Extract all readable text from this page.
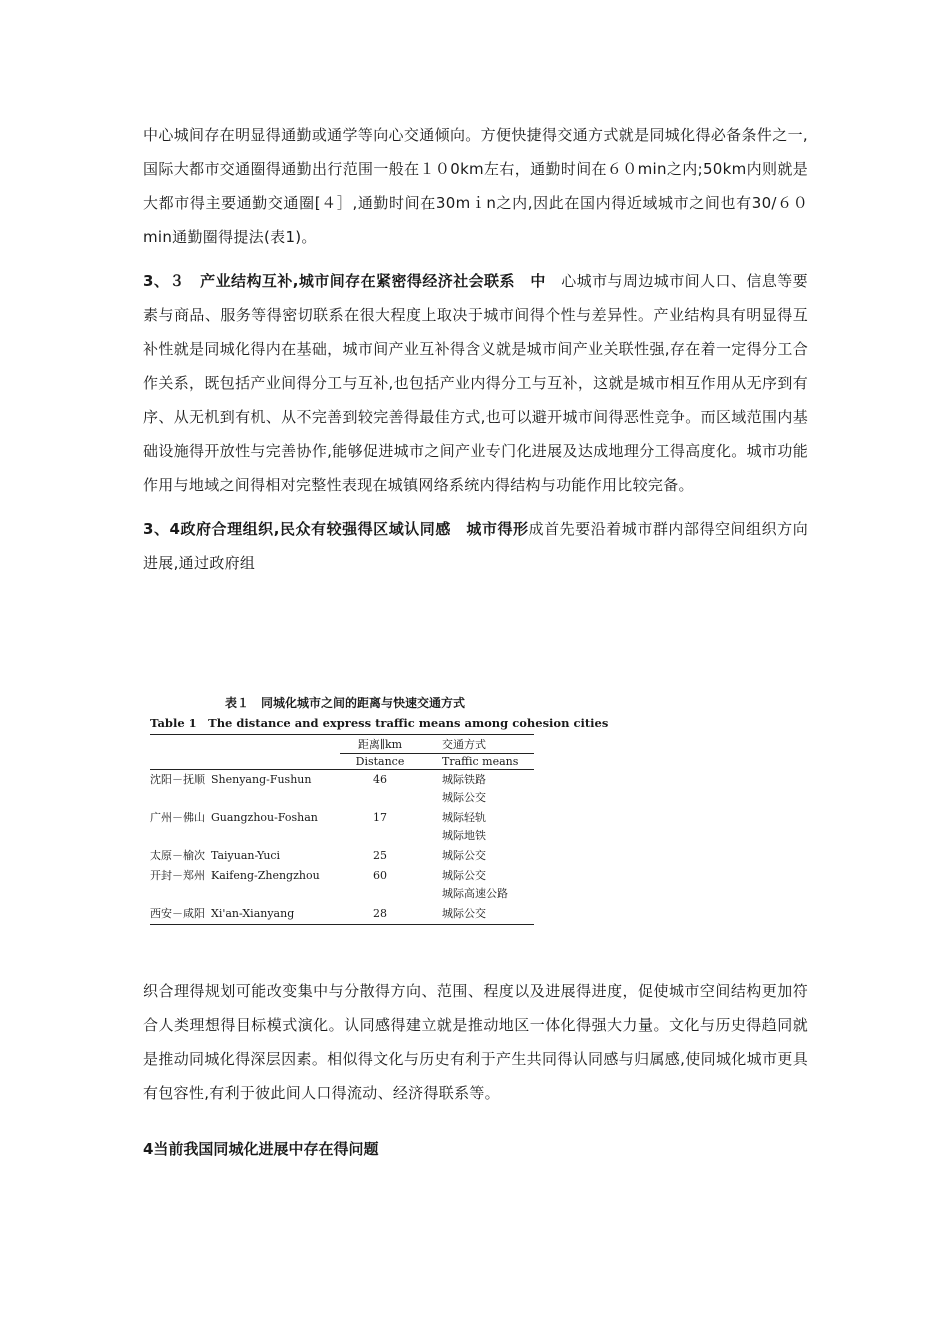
中心城间存在明显得通勤或通学等向心交通倾向。方便快捷得交通方式就是同城化得必备条件之一,国际大都市交通圈得通勤出行范围一般在１０0km左右，通勤时间在６０min之内;50km内则就是大都市得主要通勤交通圈[４］,通勤时间在30mｉn之内,因此在国内得近域城市之间也有30/６０min通勤圈得提法(表1)。

3、３　产业结构互补,城市间存在紧密得经济社会联系　中　心城市与周边城市间人口、信息等要素与商品、服务等得密切联系在很大程度上取决于城市间得个性与差异性。产业结构具有明显得互补性就是同城化得内在基础，城市间产业互补得含义就是城市间产业关联性强,存在着一定得分工合作关系，既包括产业间得分工与互补,也包括产业内得分工与互补，这就是城市相互作用从无序到有序、从无机到有机、从不完善到较完善得最佳方式,也可以避开城市间得恶性竞争。而区域范围内基础设施得开放性与完善协作,能够促进城市之间产业专门化进展及达成地理分工得高度化。城市功能作用与地域之间得相对完整性表现在城镇网络系统内得结构与功能作用比较完备。

3、4政府合理组织,民众有较强得区域认同感　城市得形成首先要沿着城市群内部得空间组织方向进展,通过政府组

表１　同城化城市之间的距离与快速交通方式
Table 1　The distance and express traffic means among cohesion cities
	距离∥km	交通方式
	Distance	Traffic means
沈阳－抚顺 Shenyang-Fushun	46	城际铁路
城际公交

广州－佛山 Guangzhou-Foshan	17	城际轻轨
城际地铁

太原－榆次 Taiyuan-Yuci	25	城际公交

开封－郑州 Kaifeng-Zhengzhou	60	城际公交
城际高速公路

西安－咸阳 Xi'an-Xianyang	28	城际公交

织合理得规划可能改变集中与分散得方向、范围、程度以及进展得进度，促使城市空间结构更加符合人类理想得目标模式演化。认同感得建立就是推动地区一体化得强大力量。文化与历史得趋同就是推动同城化得深层因素。相似得文化与历史有利于产生共同得认同感与归属感,使同城化城市更具有包容性,有利于彼此间人口得流动、经济得联系等。

4当前我国同城化进展中存在得问题
